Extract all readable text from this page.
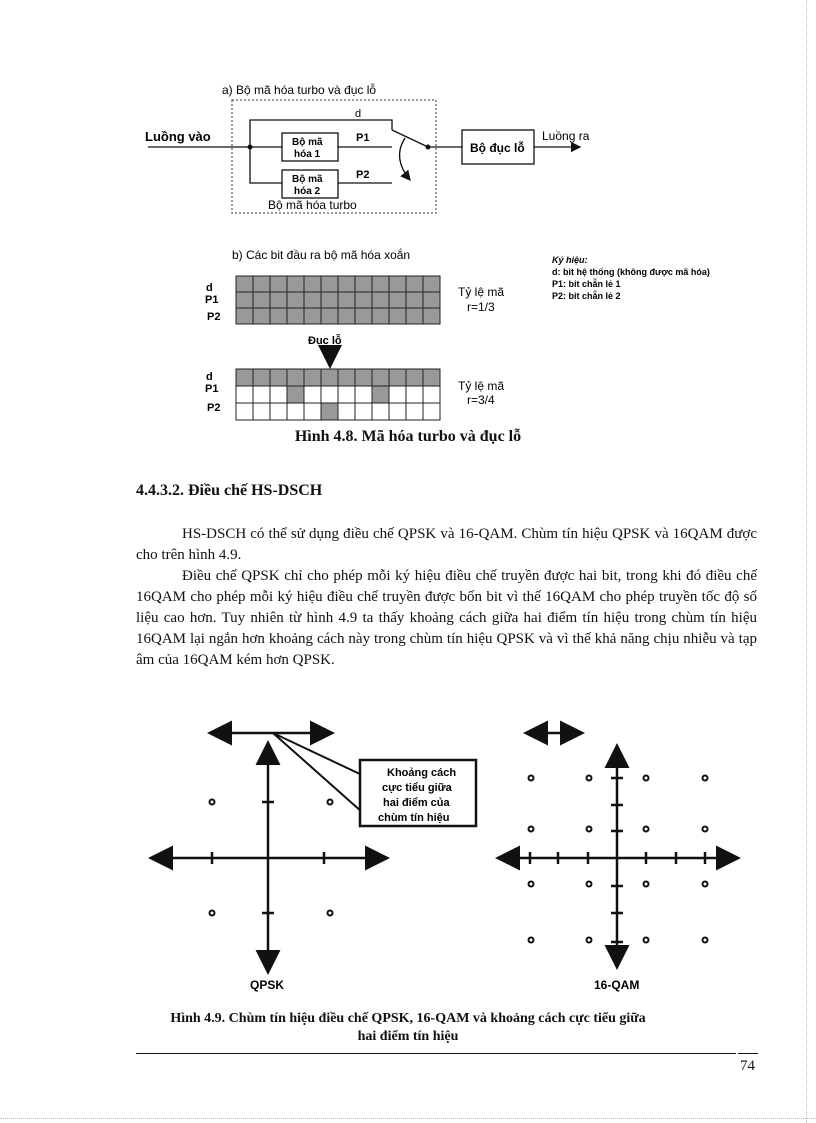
a) Bộ mã hóa turbo và đục lỗ
Luồng vào
d
Bộ mã
hóa 1
P1
Bộ mã
hóa 2
P2
Bộ đục lỗ
Luồng ra
Bộ mã hóa turbo
b) Các bit đầu ra bộ mã hóa xoắn	Ký hiệu:
d: bit hệ thống (không được mã hóa)
P1: bit chẵn lẻ 1
P2: bit chẵn lẻ 2
d
P1
P2
Tỷ lệ mã
r=1/3
Đục lỗ
d
P1
P2
Tỷ lệ mã
r=3/4
Hình 4.8. Mã hóa turbo và đục lỗ
4.4.3.2. Điều chế HS-DSCH

HS-DSCH có thể sử dụng điều chế QPSK và 16-QAM. Chùm tín hiệu QPSK và 16QAM được cho trên hình 4.9.

Điều chế QPSK chỉ cho phép mỗi ký hiệu điều chế truyền được hai bit, trong khi đó điều chế 16QAM cho phép mỗi ký hiệu điều chế truyền được bốn bit vì thế 16QAM cho phép truyền tốc độ số liệu cao hơn. Tuy nhiên từ hình 4.9 ta thấy khoảng cách giữa hai điểm tín hiệu trong chùm tín hiệu 16QAM lại ngắn hơn khoảng cách này trong chùm tín hiệu QPSK và vì thế khả năng chịu nhiễu và tạp âm của 16QAM kém hơn QPSK.

QPSK
Khoảng cách
cực tiểu giữa
hai điểm của
chùm tín hiệu
16-QAM
Hình 4.9. Chùm tín hiệu điều chế QPSK, 16-QAM và khoảng cách cực tiểu giữa
hai điểm tín hiệu
74
